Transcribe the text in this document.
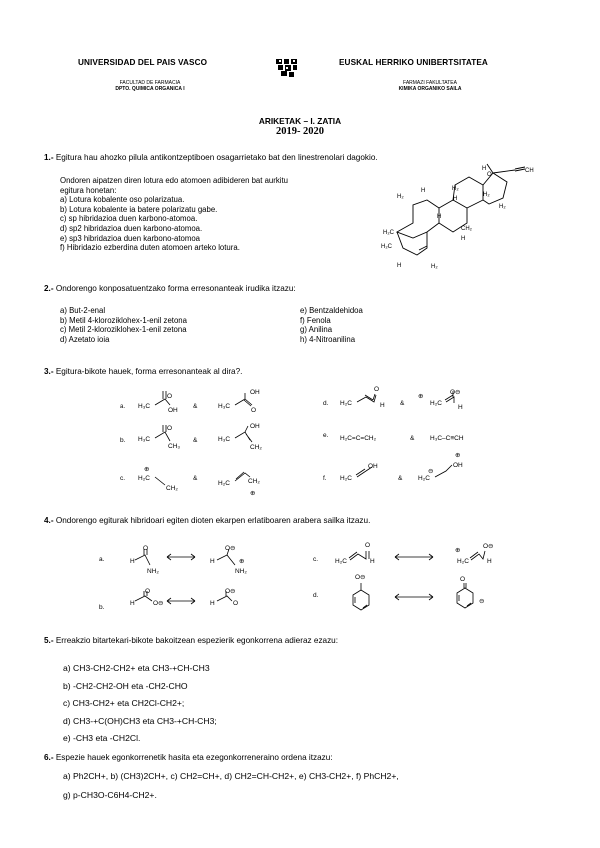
UNIVERSIDAD DEL PAIS VASCO	EUSKAL HERRIKO UNIBERTSITATEA
FACULTAD DE FARMACIA
DPTO. QUIMICA ORGANICA I
FARMAZI FAKULTATEA
KIMIKA ORGANIKO SAILA
ARIKETAK – I. ZATIA
2019- 2020
1.- Egitura hau ahozko pilula antikontzeptiboen osagarrietako bat den linestrenolari dagokio.
Ondoren aipatzen diren lotura edo atomoen adibideren bat aurkitu
egitura honetan:
a) Lotura kobalente oso polarizatua.
b) Lotura kobalente ia batere polarizatu gabe.
c) sp hibridazioa duen karbono-atomoa.
d) sp2 hibridazioa duen karbono-atomoa.
e) sp3 hibridazioa duen karbono-atomoa
f) Hibridazio ezberdina duten atomoen arteko lotura.
H
O
CH
H₂
H₂
H
H
H₂
H₂
H₂C
H
CH₂
H₂C
H	H₂
H
2.- Ondorengo konposatuentzako forma erresonanteak irudika itzazu:
a) But-2-enal
b) Metil 4-klorozikloheх-1-enil zetona
c) Metil 2-klorozikloheх-1-enil zetona
d) Azetato ioia
e) Bentzaldehidoa
f) Fenola
g) Anilina
h) 4-Nitroanilina
3.- Egitura-bikote hauek, forma erresonanteak al dira?.
a. H₃C
OH
O
&	H₃C
OH
O
b. H₃C
CH₃
O
&	H₃C
OH
CH₂
c. H₂C
CH₂
⊕
&
H₂C	CH₂
⊕
d. H₂C	H
O
&
⊕
H₂C
H
O⊖
e. H₂C=C=CH₂	& H₃C–C≡CH
f. H₂C
OH
& H₂C
⊖
OH
⊕
4.- Ondorengo egiturak hibridoari egiten dioten ekarpen erlatiboaren arabera sailka itzazu.
a.	H
O
NH₂
H
O⊖
NH₂
⊕
b.
H	O⊖
O
H	O
O⊖
c.	H₂C	H
O
⊕
H₂C	H
O⊖
d.
O⊖	O
⊖
5.- Erreakzio bitartekari-bikote bakoitzean espezierik egonkorrena adieraz ezazu:
a) CH3-CH2-CH2+ eta CH3-+CH-CH3
b) -CH2-CH2-OH eta -CH2-CHO
c) CH3-CH2+ eta CH2Cl-CH2+;
d) CH3-+C(OH)CH3 eta CH3-+CH-CH3;
e) -CH3 eta -CH2Cl.
6.- Espezie hauek egonkorrenetik hasita eta ezegonkorreneraino ordena itzazu:
a) Ph2CH+, b) (CH3)2CH+, c) CH2=CH+, d) CH2=CH-CH2+, e) CH3-CH2+, f) PhCH2+,
g) p-CH3O-C6H4-CH2+.
